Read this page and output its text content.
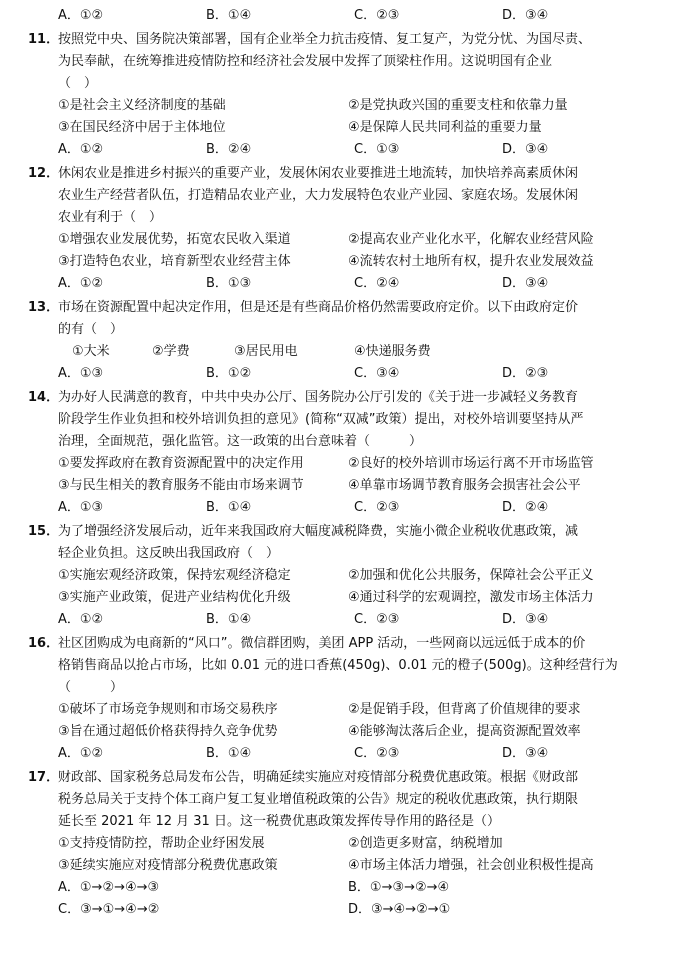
A．①②	B．①④	C．②③	D．③④
11．
按照党中央、国务院决策部署，国有企业举全力抗击疫情、复工复产，为党分忧、为国尽责、
为民奉献，在统筹推进疫情防控和经济社会发展中发挥了顶梁柱作用。这说明国有企业
（　）
①是社会主义经济制度的基础	②是党执政兴国的重要支柱和依靠力量
③在国民经济中居于主体地位	④是保障人民共同利益的重要力量
A．①②	B．②④	C．①③	D．③④
12．
休闲农业是推进乡村振兴的重要产业，发展休闲农业要推进土地流转，加快培养高素质休闲
农业生产经营者队伍，打造精品农业产业，大力发展特色农业产业园、家庭农场。发展休闲
农业有利于（　）
①增强农业发展优势，拓宽农民收入渠道	②提高农业产业化水平，化解农业经营风险
③打造特色农业，培育新型农业经营主体	④流转农村土地所有权，提升农业发展效益
A．①②	B．①③	C．②④	D．③④
13．
市场在资源配置中起决定作用，但是还是有些商品价格仍然需要政府定价。以下由政府定价
的有（　）
①大米	②学费	③居民用电	④快递服务费
A．①③	B．①②	C．③④	D．②③
14．
为办好人民满意的教育，中共中央办公厅、国务院办公厅引发的《关于进一步减轻义务教育
阶段学生作业负担和校外培训负担的意见》(简称“双减”政策）提出，对校外培训要坚持从严
治理，全面规范，强化监管。这一政策的出台意味着（　　　）
①要发挥政府在教育资源配置中的决定作用	②良好的校外培训市场运行离不开市场监管
③与民生相关的教育服务不能由市场来调节	④单靠市场调节教育服务会损害社会公平
A．①③	B．①④	C．②③	D．②④
15．
为了增强经济发展后动，近年来我国政府大幅度减税降费，实施小微企业税收优惠政策，减
轻企业负担。这反映出我国政府（　）
①实施宏观经济政策，保持宏观经济稳定	②加强和优化公共服务，保障社会公平正义
③实施产业政策，促进产业结构优化升级	④通过科学的宏观调控，激发市场主体活力
A．①②	B．①④	C．②③	D．③④
16．
社区团购成为电商新的“风口”。微信群团购，美团 APP 活动，一些网商以远远低于成本的价
格销售商品以抢占市场，比如 0.01 元的进口香蕉(450g)、0.01 元的橙子(500g)。这种经营行为
（　　　）
①破坏了市场竞争规则和市场交易秩序	②是促销手段，但背离了价值规律的要求
③旨在通过超低价格获得持久竞争优势	④能够淘汰落后企业，提高资源配置效率
A．①②	B．①④	C．②③	D．③④
17．
财政部、国家税务总局发布公告，明确延续实施应对疫情部分税费优惠政策。根据《财政部
税务总局关于支持个体工商户复工复业增值税政策的公告》规定的税收优惠政策，执行期限
延长至 2021 年 12 月 31 日。这一税费优惠政策发挥传导作用的路径是（）
①支持疫情防控，帮助企业纾困发展	②创造更多财富，纳税增加
③延续实施应对疫情部分税费优惠政策	④市场主体活力增强，社会创业积极性提高
A．①→②→④→③	B．①→③→②→④
C．③→①→④→②	D．③→④→②→①
